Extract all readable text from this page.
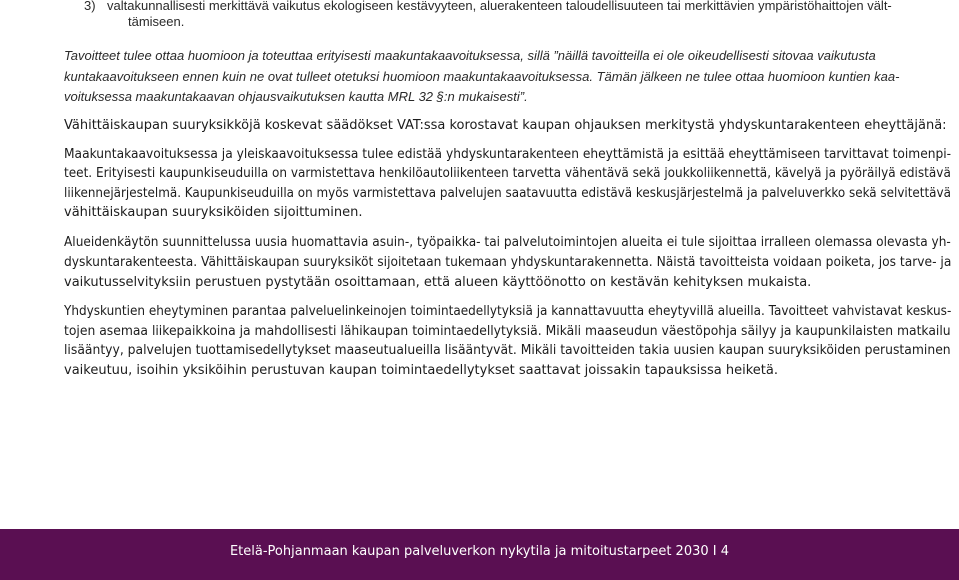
3) valtakunnallisesti merkittävä vaikutus ekologiseen kestävyyteen, aluerakenteen taloudellisuuteen tai merkittävien ympäristöhaittojen vält-
tämiseen.
Tavoitteet tulee ottaa huomioon ja toteuttaa erityisesti maakuntakaavoituksessa, sillä ”näillä tavoitteilla ei ole oikeudellisesti sitovaa vaikutusta
kuntakaavoitukseen ennen kuin ne ovat tulleet otetuksi huomioon maakuntakaavoituksessa. Tämän jälkeen ne tulee ottaa huomioon kuntien kaa-
voituksessa maakuntakaavan ohjausvaikutuksen kautta MRL 32 §:n mukaisesti”.
Vähittäiskaupan suuryksikköjä koskevat säädökset VAT:ssa korostavat kaupan ohjauksen merkitystä yhdyskuntarakenteen eheyttäjänä:
Maakuntakaavoituksessa ja yleiskaavoituksessa tulee edistää yhdyskuntarakenteen eheyttämistä ja esittää eheyttämiseen tarvittavat toimenpi-
teet. Erityisesti kaupunkiseuduilla on varmistettava henkilöautoliikenteen tarvetta vähentävä sekä joukkoliikennettä, kävelyä ja pyöräilyä edistävä
liikennejärjestelmä. Kaupunkiseuduilla on myös varmistettava palvelujen saatavuutta edistävä keskusjärjestelmä ja palveluverkko sekä selvitettävä
vähittäiskaupan suuryksiköiden sijoittuminen.
Alueidenkäytön suunnittelussa uusia huomattavia asuin-, työpaikka- tai palvelutoimintojen alueita ei tule sijoittaa irralleen olemassa olevasta yh-
dyskuntarakenteesta. Vähittäiskaupan suuryksiköt sijoitetaan tukemaan yhdyskuntarakennetta. Näistä tavoitteista voidaan poiketa, jos tarve- ja
vaikutusselvityksiin perustuen pystytään osoittamaan, että alueen käyttöönotto on kestävän kehityksen mukaista.
Yhdyskuntien eheytyminen parantaa palveluelinkeinojen toimintaedellytyksiä ja kannattavuutta eheytyvillä alueilla. Tavoitteet vahvistavat keskus-
tojen asemaa liikepaikkoina ja mahdollisesti lähikaupan toimintaedellytyksiä. Mikäli maaseudun väestöpohja säilyy ja kaupunkilaisten matkailu
lisääntyy, palvelujen tuottamisedellytykset maaseutualueilla lisääntyvät. Mikäli tavoitteiden takia uusien kaupan suuryksiköiden perustaminen
vaikeutuu, isoihin yksiköihin perustuvan kaupan toimintaedellytykset saattavat joissakin tapauksissa heiketä.
Etelä-Pohjanmaan kaupan palveluverkon nykytila ja mitoitustarpeet 2030 I 4
